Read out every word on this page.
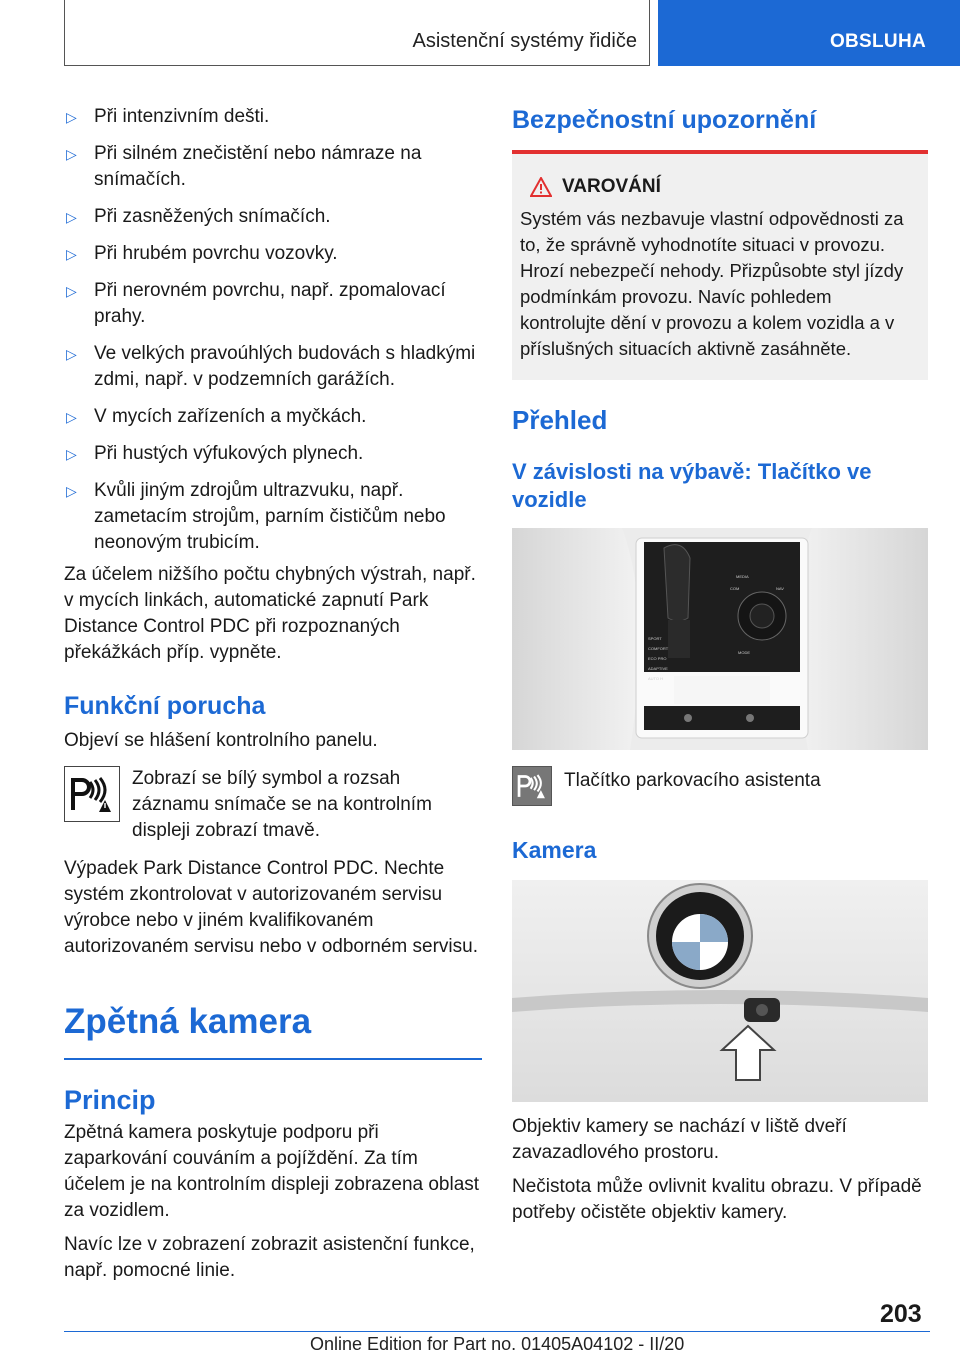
Asistenční systémy řidiče	OBSLUHA
▷ Při intenzivním dešti.
▷ Při silném znečistění nebo námraze na snímačích.
▷ Při zasněžených snímačích.
▷ Při hrubém povrchu vozovky.
▷ Při nerovném povrchu, např. zpomalovací prahy.
▷ Ve velkých pravoúhlých budovách s hladkými zdmi, např. v podzemních garážích.
▷ V mycích zařízeních a myčkách.
▷ Při hustých výfukových plynech.
▷ Kvůli jiným zdrojům ultrazvuku, např. zametacím strojům, parním čističům nebo neonovým trubicím.

Za účelem nižšího počtu chybných výstrah, např. v mycích linkách, automatické zapnutí Park Distance Control PDC při rozpoznaných překážkách příp. vypněte.

Funkční porucha

Objeví se hlášení kontrolního panelu.

Zobrazí se bílý symbol a rozsah záznamu snímače se na kontrolním displeji zobrazí tmavě.

Výpadek Park Distance Control PDC. Nechte systém zkontrolovat v autorizovaném servisu výrobce nebo v jiném kvalifikovaném autorizovaném servisu nebo v odborném servisu.

Zpětná kamera
Princip

Zpětná kamera poskytuje podporu při zaparkování couváním a pojíždění. Za tím účelem je na kontrolním displeji zobrazena oblast za vozidlem.

Navíc lze v zobrazení zobrazit asistenční funkce, např. pomocné linie.

Bezpečnostní upozornění
VAROVÁNÍ

Systém vás nezbavuje vlastní odpovědnosti za to, že správně vyhodnotíte situaci v provozu. Hrozí nebezpečí nehody. Přizpůsobte styl jízdy podmínkám provozu. Navíc pohledem kontrolujte dění v provozu a kolem vozidla a v příslušných situacích aktivně zasáhněte.

Přehled
V závislosti na výbavě: Tlačítko ve vozidle
MEDIA
COM	NAV
MODE
SPORT
COMFORT
ECO PRO
ADAPTIVE
AUTO H

Tlačítko parkovacího asistenta

Kamera

Objektiv kamery se nachází v liště dveří zavazadlového prostoru.

Nečistota může ovlivnit kvalitu obrazu. V případě potřeby očistěte objektiv kamery.

203
Online Edition for Part no. 01405A04102 - II/20
